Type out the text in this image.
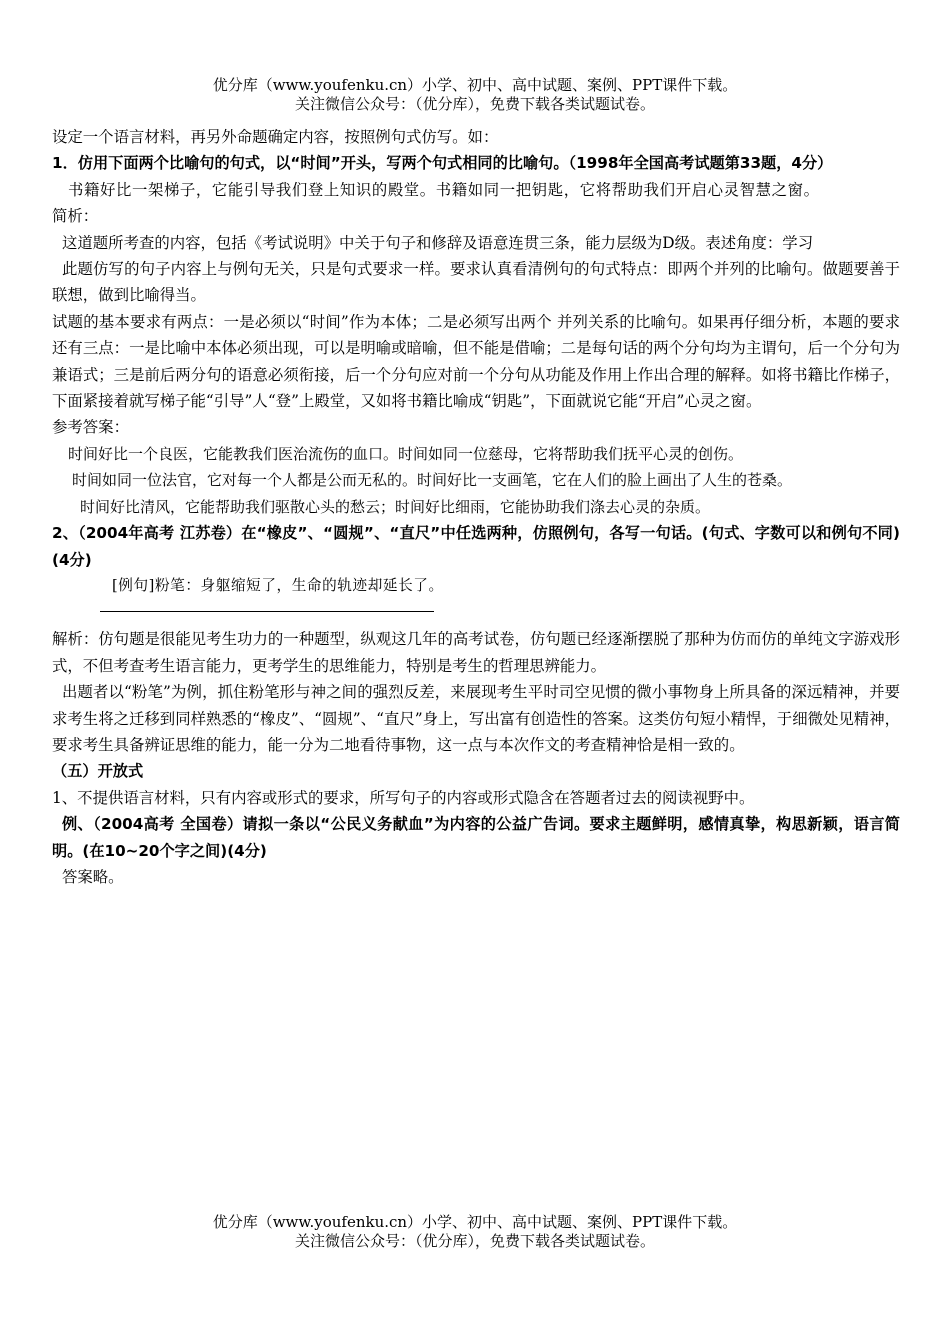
优分库（www.youfenku.cn）小学、初中、高中试题、案例、PPT课件下载。
关注微信公众号：（优分库），免费下载各类试题试卷。

设定一个语言材料，再另外命题确定内容，按照例句式仿写。如：

1．仿用下面两个比喻句的句式，以“时间”开头，写两个句式相同的比喻句。（1998年全国高考试题第33题，4分）

书籍好比一架梯子，它能引导我们登上知识的殿堂。书籍如同一把钥匙，它将帮助我们开启心灵智慧之窗。

简析：

这道题所考查的内容，包括《考试说明》中关于句子和修辞及语意连贯三条，能力层级为D级。表述角度：学习

此题仿写的句子内容上与例句无关，只是句式要求一样。要求认真看清例句的句式特点：即两个并列的比喻句。做题要善于联想，做到比喻得当。

试题的基本要求有两点：一是必须以“时间”作为本体；二是必须写出两个 并列关系的比喻句。如果再仔细分析，本题的要求还有三点：一是比喻中本体必须出现，可以是明喻或暗喻，但不能是借喻；二是每句话的两个分句均为主谓句，后一个分句为兼语式；三是前后两分句的语意必须衔接，后一个分句应对前一个分句从功能及作用上作出合理的解释。如将书籍比作梯子，下面紧接着就写梯子能“引导”人“登”上殿堂，又如将书籍比喻成“钥匙”，下面就说它能“开启”心灵之窗。

参考答案：

时间好比一个良医，它能教我们医治流伤的血口。时间如同一位慈母，它将帮助我们抚平心灵的创伤。

时间如同一位法官，它对每一个人都是公而无私的。时间好比一支画笔，它在人们的脸上画出了人生的苍桑。

时间好比清风，它能帮助我们驱散心头的愁云；时间好比细雨，它能协助我们涤去心灵的杂质。

2、（2004年高考 江苏卷）在“橡皮”、“圆规”、“直尺”中任选两种，仿照例句，各写一句话。(句式、字数可以和例句不同)(4分)

[例句]粉笔：身躯缩短了，生命的轨迹却延长了。

解析：仿句题是很能见考生功力的一种题型，纵观这几年的高考试卷，仿句题已经逐渐摆脱了那种为仿而仿的单纯文字游戏形式，不但考查考生语言能力，更考学生的思维能力，特别是考生的哲理思辨能力。

出题者以“粉笔”为例，抓住粉笔形与神之间的强烈反差，来展现考生平时司空见惯的微小事物身上所具备的深远精神，并要求考生将之迁移到同样熟悉的“橡皮”、“圆规”、“直尺”身上，写出富有创造性的答案。这类仿句短小精悍，于细微处见精神，要求考生具备辨证思维的能力，能一分为二地看待事物，这一点与本次作文的考查精神恰是相一致的。

（五）开放式

1、不提供语言材料，只有内容或形式的要求，所写句子的内容或形式隐含在答题者过去的阅读视野中。

例、（2004高考 全国卷）请拟一条以“公民义务献血”为内容的公益广告词。要求主题鲜明，感情真挚，构思新颖，语言简明。(在10~20个字之间)(4分)

答案略。

优分库（www.youfenku.cn）小学、初中、高中试题、案例、PPT课件下载。
关注微信公众号：（优分库），免费下载各类试题试卷。
